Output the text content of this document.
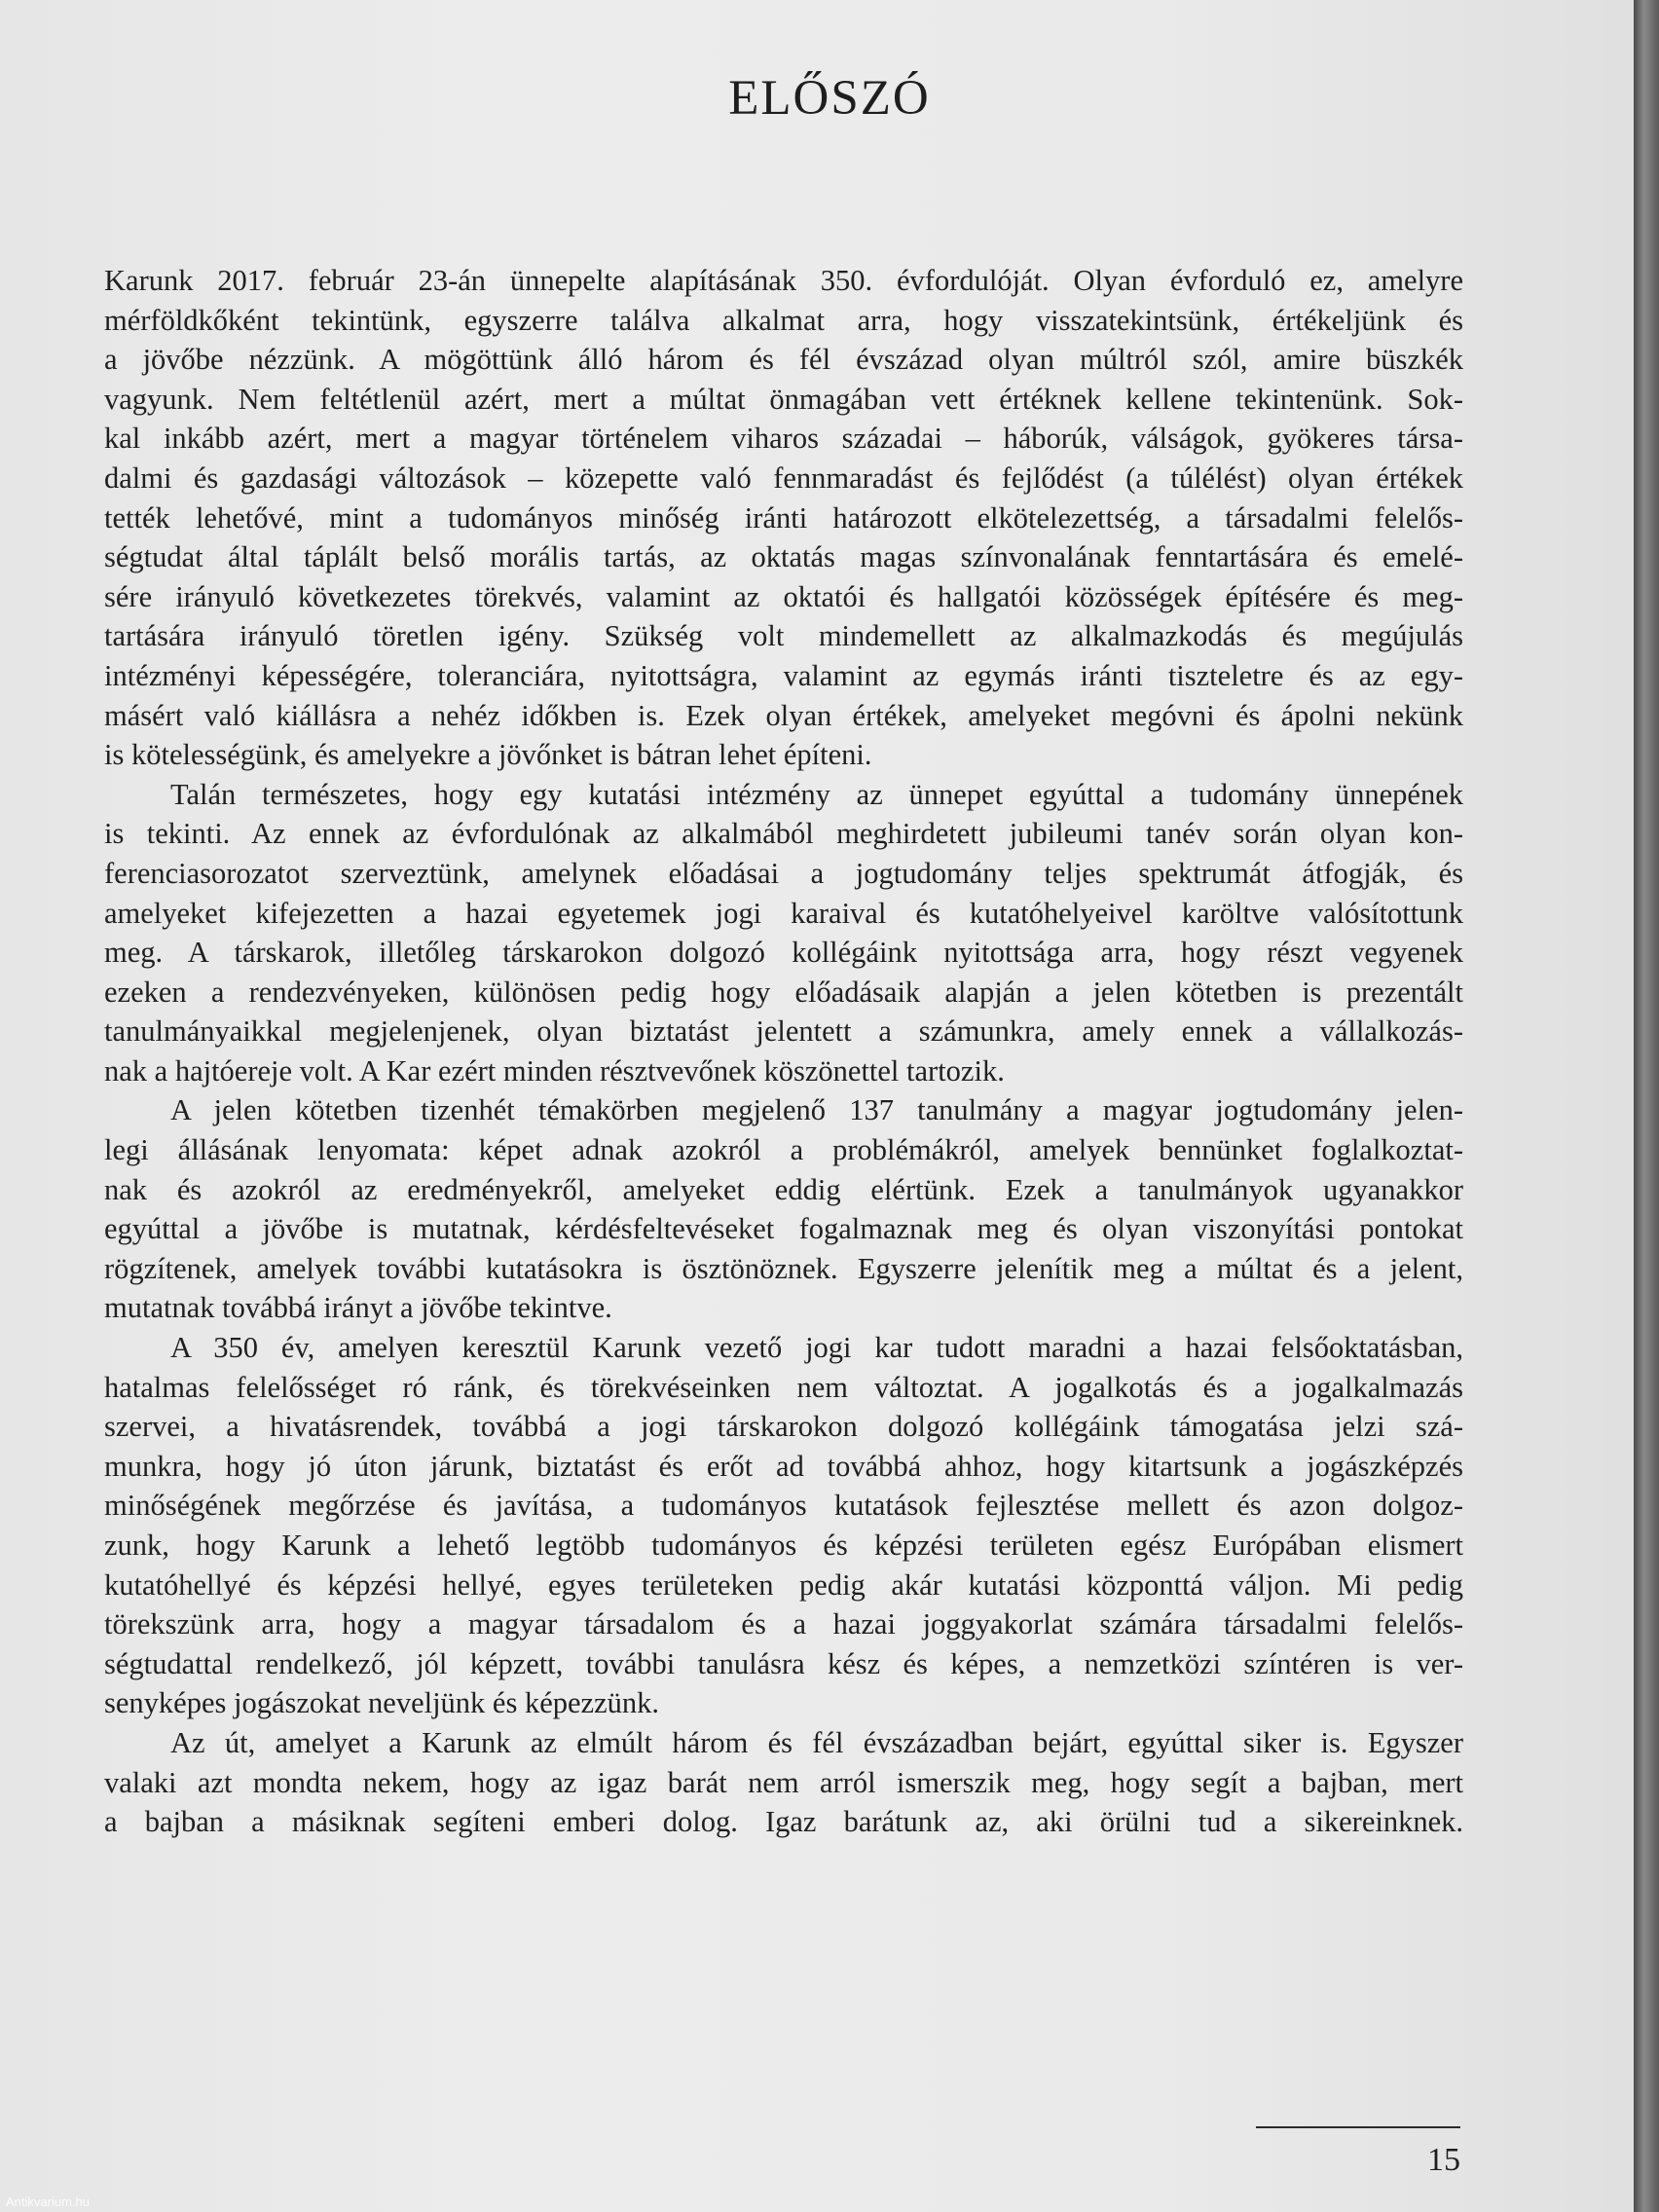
ELŐSZÓ
Karunk 2017. február 23-án ünnepelte alapításának 350. évfordulóját. Olyan évforduló ez, amelyre
mérföldkőként tekintünk, egyszerre találva alkalmat arra, hogy visszatekintsünk, értékeljünk és
a jövőbe nézzünk. A mögöttünk álló három és fél évszázad olyan múltról szól, amire büszkék
vagyunk. Nem feltétlenül azért, mert a múltat önmagában vett értéknek kellene tekintenünk. Sok-
kal inkább azért, mert a magyar történelem viharos századai – háborúk, válságok, gyökeres társa-
dalmi és gazdasági változások – közepette való fennmaradást és fejlődést (a túlélést) olyan értékek
tették lehetővé, mint a tudományos minőség iránti határozott elkötelezettség, a társadalmi felelős-
ségtudat által táplált belső morális tartás, az oktatás magas színvonalának fenntartására és emelé-
sére irányuló következetes törekvés, valamint az oktatói és hallgatói közösségek építésére és meg-
tartására irányuló töretlen igény. Szükség volt mindemellett az alkalmazkodás és megújulás
intézményi képességére, toleranciára, nyitottságra, valamint az egymás iránti tiszteletre és az egy-
másért való kiállásra a nehéz időkben is. Ezek olyan értékek, amelyeket megóvni és ápolni nekünk
is kötelességünk, és amelyekre a jövőnket is bátran lehet építeni.
Talán természetes, hogy egy kutatási intézmény az ünnepet egyúttal a tudomány ünnepének
is tekinti. Az ennek az évfordulónak az alkalmából meghirdetett jubileumi tanév során olyan kon-
ferenciasorozatot szerveztünk, amelynek előadásai a jogtudomány teljes spektrumát átfogják, és
amelyeket kifejezetten a hazai egyetemek jogi karaival és kutatóhelyeivel karöltve valósítottunk
meg. A társkarok, illetőleg társkarokon dolgozó kollégáink nyitottsága arra, hogy részt vegyenek
ezeken a rendezvényeken, különösen pedig hogy előadásaik alapján a jelen kötetben is prezentált
tanulmányaikkal megjelenjenek, olyan biztatást jelentett a számunkra, amely ennek a vállalkozás-
nak a hajtóereje volt. A Kar ezért minden résztvevőnek köszönettel tartozik.
A jelen kötetben tizenhét témakörben megjelenő 137 tanulmány a magyar jogtudomány jelen-
legi állásának lenyomata: képet adnak azokról a problémákról, amelyek bennünket foglalkoztat-
nak és azokról az eredményekről, amelyeket eddig elértünk. Ezek a tanulmányok ugyanakkor
egyúttal a jövőbe is mutatnak, kérdésfeltevéseket fogalmaznak meg és olyan viszonyítási pontokat
rögzítenek, amelyek további kutatásokra is ösztönöznek. Egyszerre jelenítik meg a múltat és a jelent,
mutatnak továbbá irányt a jövőbe tekintve.
A 350 év, amelyen keresztül Karunk vezető jogi kar tudott maradni a hazai felsőoktatásban,
hatalmas felelősséget ró ránk, és törekvéseinken nem változtat. A jogalkotás és a jogalkalmazás
szervei, a hivatásrendek, továbbá a jogi társkarokon dolgozó kollégáink támogatása jelzi szá-
munkra, hogy jó úton járunk, biztatást és erőt ad továbbá ahhoz, hogy kitartsunk a jogászképzés
minőségének megőrzése és javítása, a tudományos kutatások fejlesztése mellett és azon dolgoz-
zunk, hogy Karunk a lehető legtöbb tudományos és képzési területen egész Európában elismert
kutatóhellyé és képzési hellyé, egyes területeken pedig akár kutatási központtá váljon. Mi pedig
törekszünk arra, hogy a magyar társadalom és a hazai joggyakorlat számára társadalmi felelős-
ségtudattal rendelkező, jól képzett, további tanulásra kész és képes, a nemzetközi színtéren is ver-
senyképes jogászokat neveljünk és képezzünk.
Az út, amelyet a Karunk az elmúlt három és fél évszázadban bejárt, egyúttal siker is. Egyszer
valaki azt mondta nekem, hogy az igaz barát nem arról ismerszik meg, hogy segít a bajban, mert
a bajban a másiknak segíteni emberi dolog. Igaz barátunk az, aki örülni tud a sikereinknek.
15
Antikvarium.hu
